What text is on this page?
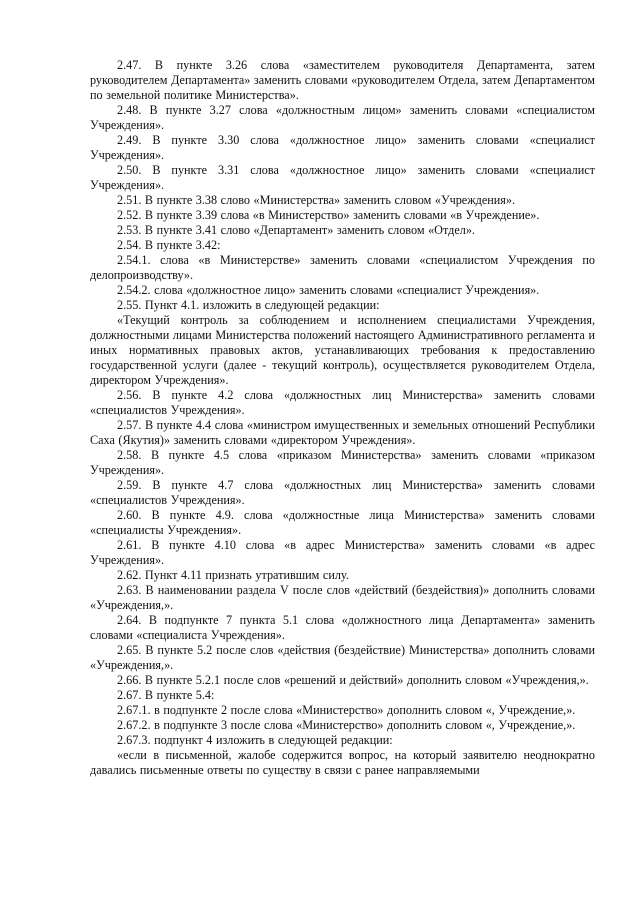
2.47. В пункте 3.26 слова «заместителем руководителя Департамента, затем руководителем Департамента» заменить словами «руководителем Отдела, затем Департаментом по земельной политике Министерства».

2.48. В пункте 3.27 слова «должностным лицом» заменить словами «специалистом Учреждения».

2.49. В пункте 3.30 слова «должностное лицо» заменить словами «специалист Учреждения».

2.50. В пункте 3.31 слова «должностное лицо» заменить словами «специалист Учреждения».

2.51. В пункте 3.38 слово «Министерства» заменить словом «Учреждения».

2.52. В пункте 3.39 слова «в Министерство» заменить словами «в Учреждение».

2.53. В пункте 3.41 слово «Департамент» заменить словом «Отдел».

2.54. В пункте 3.42:

2.54.1. слова «в Министерстве» заменить словами «специалистом Учреждения по делопроизводству».

2.54.2. слова «должностное лицо» заменить словами «специалист Учреждения».

2.55. Пункт 4.1. изложить в следующей редакции:

«Текущий контроль за соблюдением и исполнением специалистами Учреждения, должностными лицами Министерства положений настоящего Административного регламента и иных нормативных правовых актов, устанавливающих требования к предоставлению государственной услуги (далее - текущий контроль), осуществляется руководителем Отдела, директором Учреждения».

2.56. В пункте 4.2 слова «должностных лиц Министерства» заменить словами «специалистов Учреждения».

2.57. В пункте 4.4 слова «министром имущественных и земельных отношений Республики Саха (Якутия)» заменить словами «директором Учреждения».

2.58. В пункте 4.5 слова «приказом Министерства» заменить словами «приказом Учреждения».

2.59. В пункте 4.7 слова «должностных лиц Министерства» заменить словами «специалистов Учреждения».

2.60. В пункте 4.9. слова «должностные лица Министерства» заменить словами «специалисты Учреждения».

2.61. В пункте 4.10 слова «в адрес Министерства» заменить словами «в адрес Учреждения».

2.62. Пункт 4.11 признать утратившим силу.

2.63. В наименовании раздела V после слов «действий (бездействия)» дополнить словами «Учреждения,».

2.64. В подпункте 7 пункта 5.1 слова «должностного лица Департамента» заменить словами «специалиста Учреждения».

2.65. В пункте 5.2 после слов «действия (бездействие) Министерства» дополнить словами «Учреждения,».

2.66. В пункте 5.2.1 после слов «решений и действий» дополнить словом «Учреждения,».

2.67. В пункте 5.4:

2.67.1. в подпункте 2 после слова «Министерство» дополнить словом «, Учреждение,».

2.67.2. в подпункте 3 после слова «Министерство» дополнить словом «, Учреждение,».

2.67.3. подпункт 4 изложить в следующей редакции:

«если в письменной, жалобе содержится вопрос, на который заявителю неоднократно давались письменные ответы по существу в связи с ранее направляемыми
